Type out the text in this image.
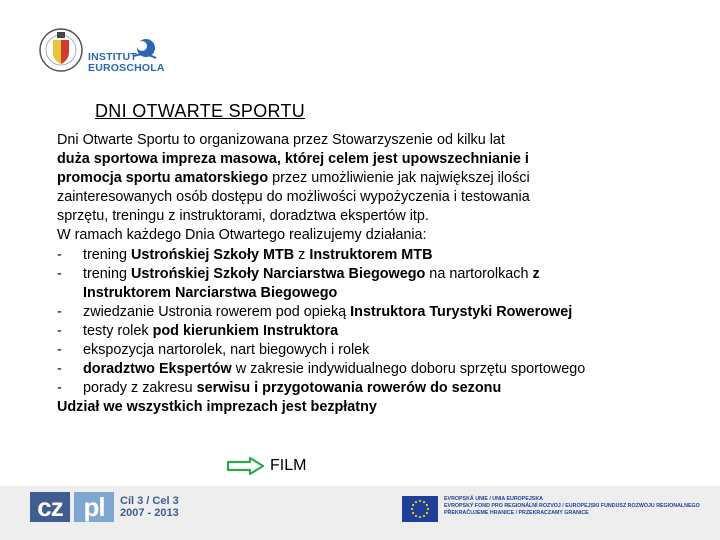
INSTITUT
EUROSCHOLA
DNI OTWARTE SPORTU
Dni Otwarte Sportu to organizowana przez Stowarzyszenie od kilku lat
duża sportowa impreza masowa, której celem jest upowszechnianie i
promocja sportu amatorskiego przez umożliwienie jak największej ilości
zainteresowanych osób dostępu do możliwości wypożyczenia i testowania
sprzętu, treningu z instruktorami, doradztwa ekspertów itp.
W ramach każdego Dnia Otwartego realizujemy działania:
-	trening Ustrońskiej Szkoły MTB z Instruktorem MTB
-	trening Ustrońskiej Szkoły Narciarstwa Biegowego na nartorolkach z
Instruktorem Narciarstwa Biegowego
-	zwiedzanie Ustronia rowerem pod opieką Instruktora Turystyki Rowerowej
-	testy rolek pod kierunkiem Instruktora
-	ekspozycja nartorolek, nart biegowych i rolek
-	doradztwo Ekspertów w zakresie indywidualnego doboru sprzętu sportowego
-	porady z zakresu serwisu i przygotowania rowerów do sezonu
Udział we wszystkich imprezach jest bezpłatny
FILM
cz pl	Cíl 3 / Cel 3
2007 - 2013
EVROPSKÁ UNIE / UNIA EUROPEJSKA
EVROPSKÝ FOND PRO REGIONÁLNÍ ROZVOJ / EUROPEJSKI FUNDUSZ ROZWOJU REGIONALNEGO
PŘEKRAČUJEME HRANICE / PRZEKRACZAMY GRANICE
